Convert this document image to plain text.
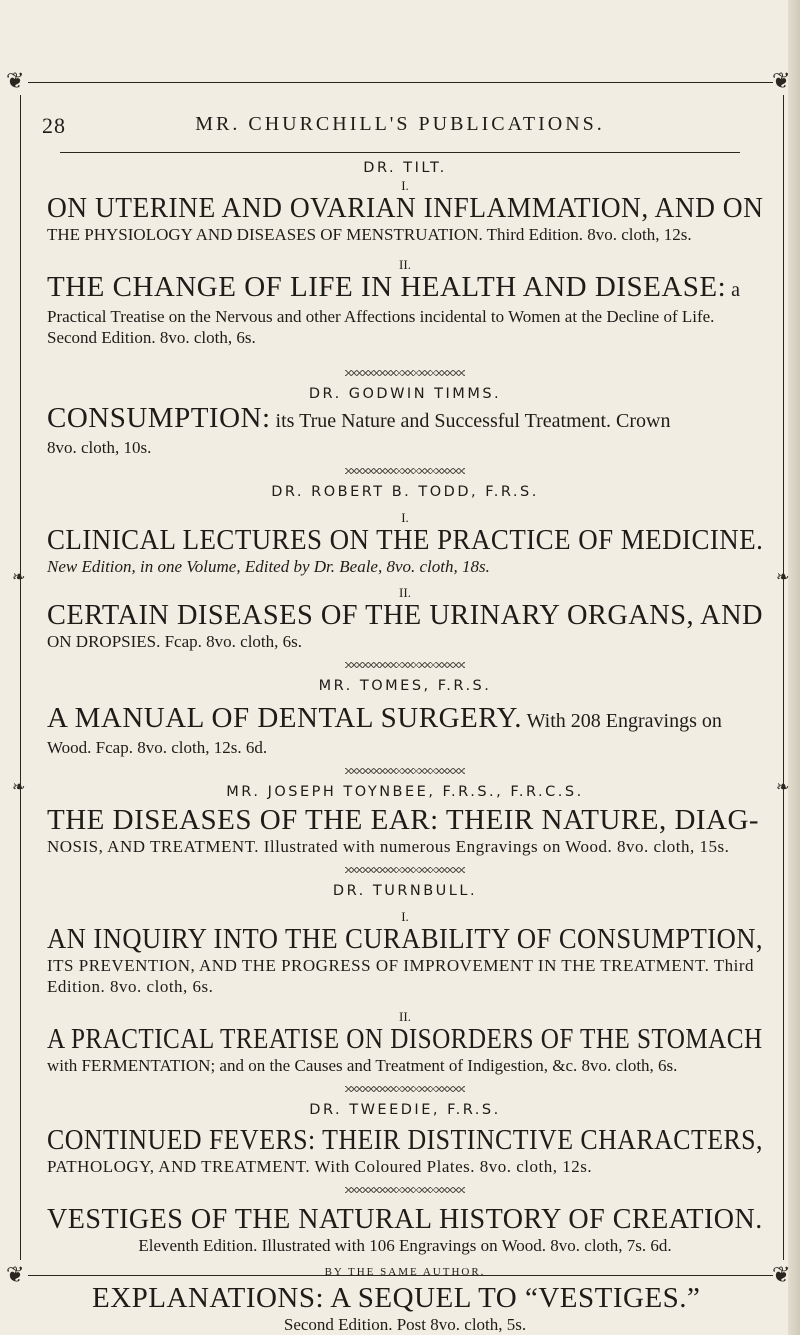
❦	❦
❦	❦
❧	❧
❧	❧
28	MR. CHURCHILL'S PUBLICATIONS.

DR. TILT.

I.

ON UTERINE AND OVARIAN INFLAMMATION, AND ON

THE PHYSIOLOGY AND DISEASES OF MENSTRUATION. Third Edition. 8vo. cloth, 12s.

II.

THE CHANGE OF LIFE IN HEALTH AND DISEASE: a

Practical Treatise on the Nervous and other Affections incidental to Women at the Decline of Life. Second Edition. 8vo. cloth, 6s.

DR. GODWIN TIMMS.

CONSUMPTION: its True Nature and Successful Treatment. Crown

8vo. cloth, 10s.

DR. ROBERT B. TODD, F.R.S.

I.

CLINICAL LECTURES ON THE PRACTICE OF MEDICINE.

New Edition, in one Volume, Edited by Dr. Beale, 8vo. cloth, 18s.

II.

CERTAIN DISEASES OF THE URINARY ORGANS, AND

ON DROPSIES. Fcap. 8vo. cloth, 6s.

MR. TOMES, F.R.S.

A MANUAL OF DENTAL SURGERY. With 208 Engravings on

Wood. Fcap. 8vo. cloth, 12s. 6d.

MR. JOSEPH TOYNBEE, F.R.S., F.R.C.S.

THE DISEASES OF THE EAR: THEIR NATURE, DIAG-

NOSIS, AND TREATMENT. Illustrated with numerous Engravings on Wood. 8vo. cloth, 15s.

DR. TURNBULL.

I.

AN INQUIRY INTO THE CURABILITY OF CONSUMPTION,

ITS PREVENTION, AND THE PROGRESS OF IMPROVEMENT IN THE TREATMENT. Third Edition. 8vo. cloth, 6s.

II.

A PRACTICAL TREATISE ON DISORDERS OF THE STOMACH

with FERMENTATION; and on the Causes and Treatment of Indigestion, &c. 8vo. cloth, 6s.

DR. TWEEDIE, F.R.S.

CONTINUED FEVERS: THEIR DISTINCTIVE CHARACTERS,

PATHOLOGY, AND TREATMENT. With Coloured Plates. 8vo. cloth, 12s.

VESTIGES OF THE NATURAL HISTORY OF CREATION.

Eleventh Edition. Illustrated with 106 Engravings on Wood. 8vo. cloth, 7s. 6d.

BY THE SAME AUTHOR.

EXPLANATIONS: A SEQUEL TO “VESTIGES.”

Second Edition. Post 8vo. cloth, 5s.
